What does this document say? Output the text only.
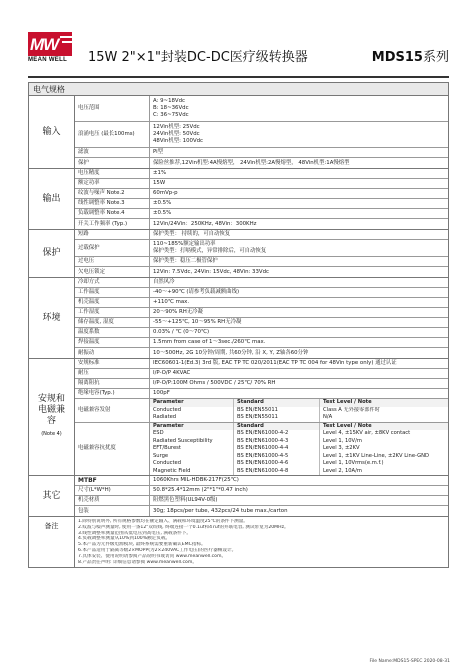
MW
MEAN WELL	15W 2"×1"封装DC-DC医疗级转换器	MDS15系列
电气规格
输入
电压范围
A: 9~18Vdc
B: 18~36Vdc
C: 36~75Vdc
浪涌电压 (最长100ms)
12Vin机型: 25Vdc
24Vin机型: 50Vdc
48Vin机型: 100Vdc
滤波	Pi型
保护	保险丝推荐,12Vin机型:4A慢熔型， 24Vin机型:2A慢熔型， 48Vin机型:1A慢熔型
输出
电压精度	±1%
额定功率	15W
纹波与噪声 Note.2	60mVp-p
线性调整率 Note.3	±0.5%
负载调整率 Note.4	±0.5%
开关工作频率 (Typ.)	12Vin/24Vin：250KHz, 48Vin：300KHz
保护
短路	保护类型： 持续的，可自动恢复
过载保护
110~185%额定输出功率
保护类型：打嗝模式，异常排除后，可自动恢复
过电压	保护类型：稳压二极管保护
欠电压锁定	12Vin: 7.5Vdc, 24Vin: 15Vdc, 48Vin: 33Vdc
环境
冷却方式	自然风冷
工作温度	-40～+90℃ (请参考负载减额曲线)
机壳温度	+110℃ max.
工作湿度	20～90% RH无冷凝
储存温度, 湿度	-55～+125℃, 10～95% RH无冷凝
温度系数	0.03% / ℃ (0～70℃)
焊接温度	1.5mm from case of 1～3sec./260℃ max.
耐振动	10～500Hz, 2G 10分钟/周期, 共60分钟, 沿 X, Y, Z轴各60分钟
安规和电磁兼容
(Note 4)
安规标准	IEC60601-1(Ed.3) 3rd 版, EAC TP TC 020/2011(EAC TP TC 004 for 48Vin type only) 通过认证
耐压	I/P-O/P 4KVAC
隔离阻抗	I/P-O/P:100M Ohms / 500VDC / 25℃/ 70% RH
绝缘电容(Typ.)	100pF
电磁兼容发射
Parameter	Standard	Test Level / Note
Conducted	BS EN/EN55011	Class A 无外接零部件时
Radiated	BS EN/EN55011	N/A
电磁兼容抗扰度
Parameter	Standard	Test Level / Note
ESD	BS EN/EN61000-4-2	Level 4, ±15KV air, ±8KV contact
Radiated Susceptibility	BS EN/EN61000-4-3	Level 1, 10V/m
EFT/Burest	BS EN/EN61000-4-4	Level 3, ±2KV
Surge	BS EN/EN61000-4-5	Level 1, ±1KV Line-Line, ±2KV Line-GND
Conducted	BS EN/EN61000-4-6	Level 1, 10Vrms(e.m.f.)
Magnetic Field	BS EN/EN61000-4-8	Level 2, 10A/m
其它
MTBF	1060Khrs MIL-HDBK-217F(25℃)
尺寸(L*W*H)	50.8*25.4*12mm (2"*1"*0.47 inch)
机壳材质	阻燃黑色塑料(UL94V-0级)
包装	30g; 18pcs/per tube, 432pcs/24 tube max./carton
备注
1.除特别说明外, 所有规格参数均在额定输入、满载和环境温度25℃的条件下测量。
2.纹波与噪声测量时, 使用一条12"双绞线, 终端连接一个0.1uf和47uf的并联电容, 测试带宽为20MHz。
3.线性调整率测量范围从低电压到高电压, 满载条件下。
4.负载调整率测量从10%到100%额定负载。
5.本产品为元件级电源模块, 最终系统需要重新确认EMC指标。
6.本产品适用于隔离等级2×MOPP(为2×240VAC工作电压)的医疗器械设计。
7.具体安装、使用说明请参阅产品说明书或访问 www.meanwell.com。
8.产品责任声明: 详细信息请参阅 www.meanwell.com。
File Name:MDS15-SPEC 2020-08-31
